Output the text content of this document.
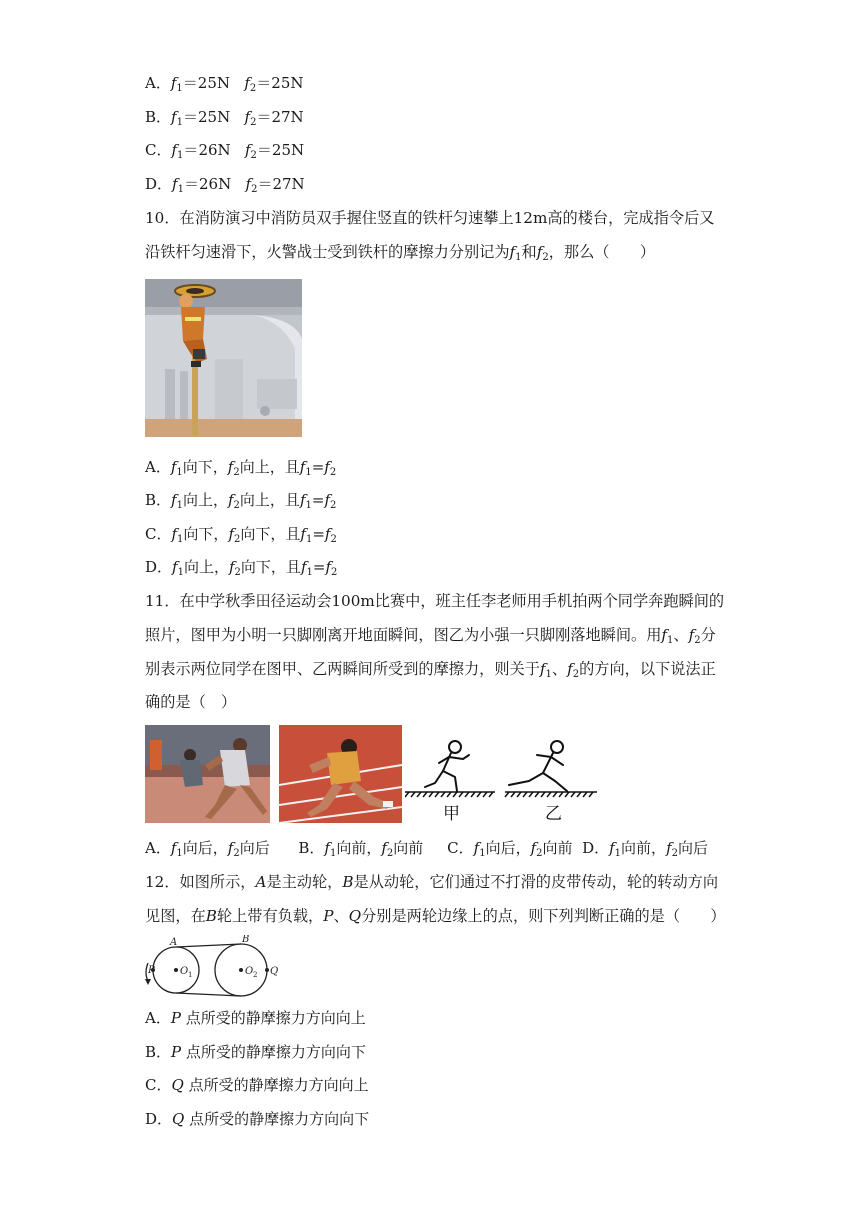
A．$f_1=25N$ $f_2=25N$
B．$f_1=25N$ $f_2=27N$
C．$f_1=26N$ $f_2=25N$
D．$f_1=26N$ $f_2=27N$
10．在消防演习中消防员双手握住竖直的铁杆匀速攀上12m高的楼台，完成指令后又
沿铁杆匀速滑下，火警战士受到铁杆的摩擦力分别记为$f_1$和$f_2$，那么（　　）
A．$f_1$向下，$f_2$向上，且$f_1=f_2$
B．$f_1$向上，$f_2$向上，且$f_1=f_2$
C．$f_1$向下，$f_2$向下，且$f_1=f_2$
D．$f_1$向上，$f_2$向下，且$f_1=f_2$
11．在中学秋季田径运动会100m比赛中，班主任李老师用手机拍两个同学奔跑瞬间的
照片，图甲为小明一只脚刚离开地面瞬间，图乙为小强一只脚刚落地瞬间。用$f_1$、$f_2$分
别表示两位同学在图甲、乙两瞬间所受到的摩擦力，则关于$f_1$、$f_2$的方向，以下说法正
确的是（　）
甲	乙
A．$f_1$向后，$f_2$向后 B．$f_1$向前，$f_2$向前 C．$f_1$向后，$f_2$向前 D．$f_1$向前，$f_2$向后
12．如图所示，A是主动轮，B是从动轮，它们通过不打滑的皮带传动，轮的转动方向
见图，在B轮上带有负载，P、Q分别是两轮边缘上的点，则下列判断正确的是（　　）
A	B
P	Q
O	O
1	2
A．P 点所受的静摩擦力方向向上
B．P 点所受的静摩擦力方向向下
C．Q 点所受的静摩擦力方向向上
D．Q 点所受的静摩擦力方向向下
